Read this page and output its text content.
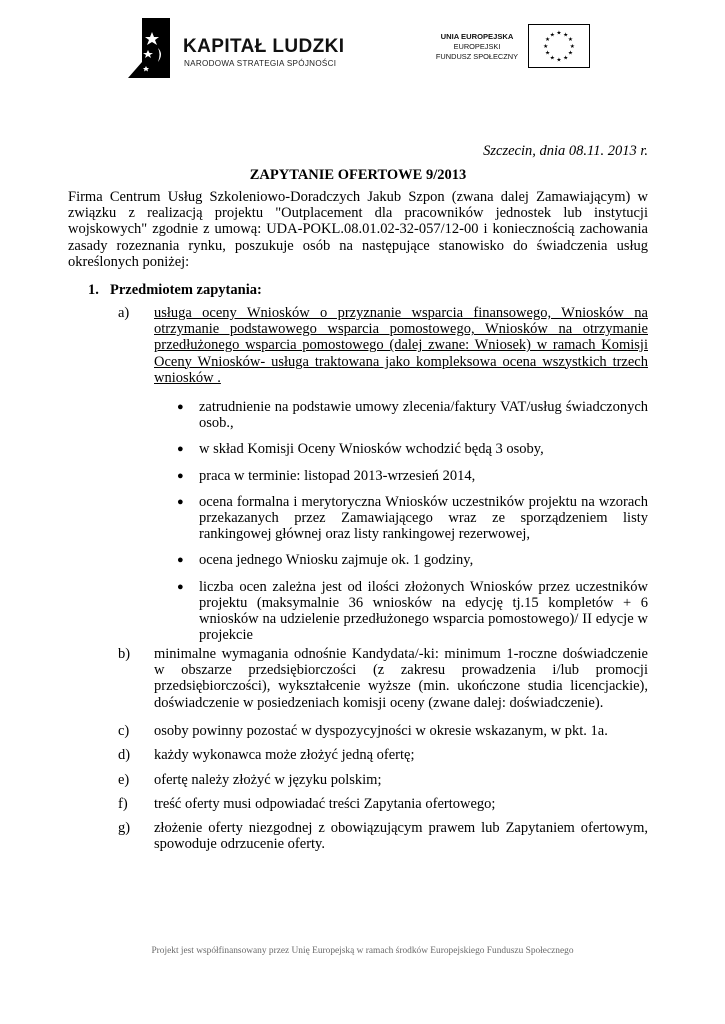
KAPITAŁ LUDZKI
NARODOWA STRATEGIA SPÓJNOŚCI
UNIA EUROPEJSKA
EUROPEJSKI
FUNDUSZ SPOŁECZNY
★ ★
★
★
★
★
★
★
★
★
★
★
Szczecin, dnia 08.11. 2013 r.
ZAPYTANIE OFERTOWE 9/2013
Firma Centrum Usług Szkoleniowo-Doradczych Jakub Szpon (zwana dalej Zamawiającym) w związku z realizacją projektu "Outplacement dla pracowników jednostek lub instytucji wojskowych" zgodnie z umową: UDA-POKL.08.01.02-32-057/12-00 i koniecznością zachowania zasady rozeznania rynku, poszukuje osób na następujące stanowisko do świadczenia usług określonych poniżej:
1. Przedmiotem zapytania:
a)	usługa oceny Wniosków o przyznanie wsparcia finansowego, Wniosków na otrzymanie podstawowego wsparcia pomostowego, Wniosków na otrzymanie przedłużonego wsparcia pomostowego (dalej zwane: Wniosek) w ramach Komisji Oceny Wniosków- usługa traktowana jako kompleksowa ocena wszystkich trzech wniosków .
● zatrudnienie na podstawie umowy zlecenia/faktury VAT/usług świadczonych osob.,
● w skład Komisji Oceny Wniosków wchodzić będą 3 osoby,
● praca w terminie: listopad 2013-wrzesień 2014,
● ocena formalna i merytoryczna Wniosków uczestników projektu na wzorach przekazanych przez Zamawiającego wraz ze sporządzeniem listy rankingowej głównej oraz listy rankingowej rezerwowej,
● ocena jednego Wniosku zajmuje ok. 1 godziny,
● liczba ocen zależna jest od ilości złożonych Wniosków przez uczestników projektu (maksymalnie 36 wniosków na edycję tj.15 kompletów + 6 wniosków na udzielenie przedłużonego wsparcia pomostowego)/ II edycje w projekcie
b)	minimalne wymagania odnośnie Kandydata/-ki: minimum 1-roczne doświadczenie w obszarze przedsiębiorczości (z zakresu prowadzenia i/lub promocji przedsiębiorczości), wykształcenie wyższe (min. ukończone studia licencjackie), doświadczenie w posiedzeniach komisji oceny (zwane dalej: doświadczenie).
c)	osoby powinny pozostać w dyspozycyjności w okresie wskazanym, w pkt. 1a.
d)	każdy wykonawca może złożyć jedną ofertę;
e)	ofertę należy złożyć w języku polskim;
f)	treść oferty musi odpowiadać treści Zapytania ofertowego;
g)	złożenie oferty niezgodnej z obowiązującym prawem lub Zapytaniem ofertowym, spowoduje odrzucenie oferty.
Projekt jest współfinansowany przez Unię Europejską w ramach środków Europejskiego Funduszu Społecznego
